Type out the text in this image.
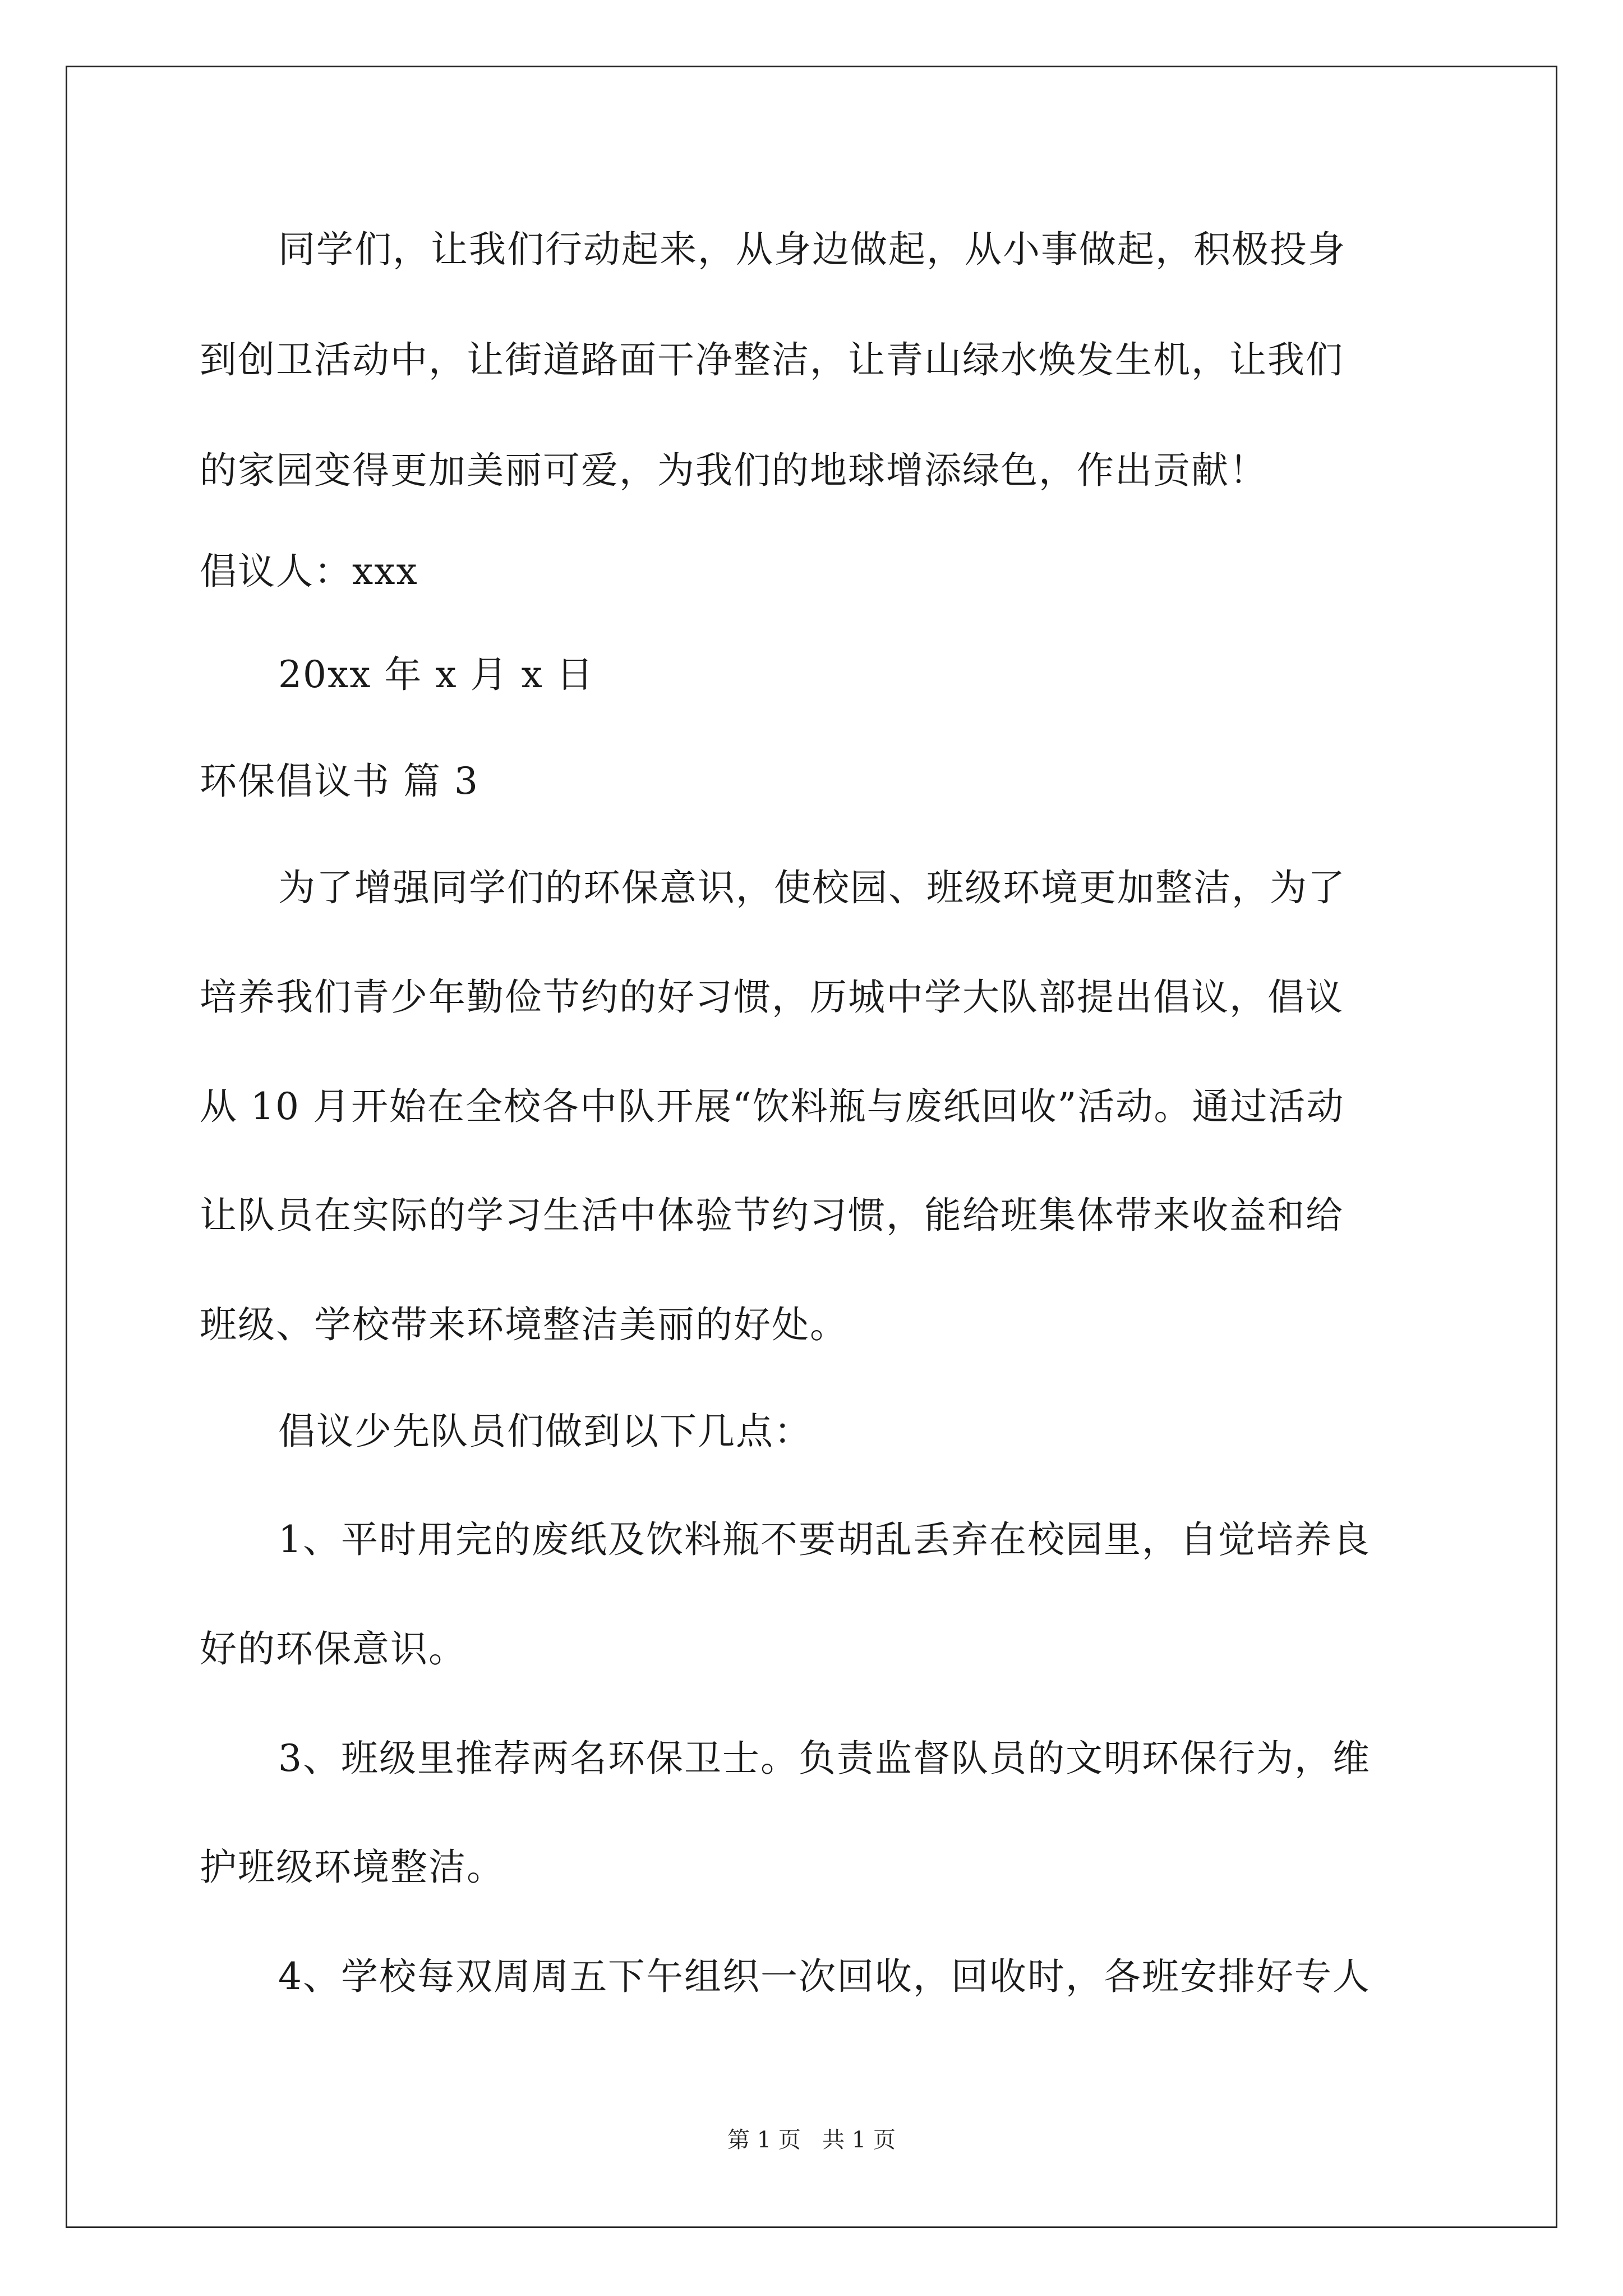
同学们，让我们行动起来，从身边做起，从小事做起，积极投身
到创卫活动中，让街道路面干净整洁，让青山绿水焕发生机，让我们
的家园变得更加美丽可爱，为我们的地球增添绿色，作出贡献！
倡议人：xxx
20xx 年 x 月 x 日
环保倡议书 篇 3
为了增强同学们的环保意识，使校园、班级环境更加整洁，为了
培养我们青少年勤俭节约的好习惯，历城中学大队部提出倡议，倡议
从 10 月开始在全校各中队开展“饮料瓶与废纸回收”活动。通过活动
让队员在实际的学习生活中体验节约习惯，能给班集体带来收益和给
班级、学校带来环境整洁美丽的好处。
倡议少先队员们做到以下几点：
1、平时用完的废纸及饮料瓶不要胡乱丢弃在校园里，自觉培养良
好的环保意识。
3、班级里推荐两名环保卫士。负责监督队员的文明环保行为，维
护班级环境整洁。
4、学校每双周周五下午组织一次回收，回收时，各班安排好专人
第 1 页   共 1 页
